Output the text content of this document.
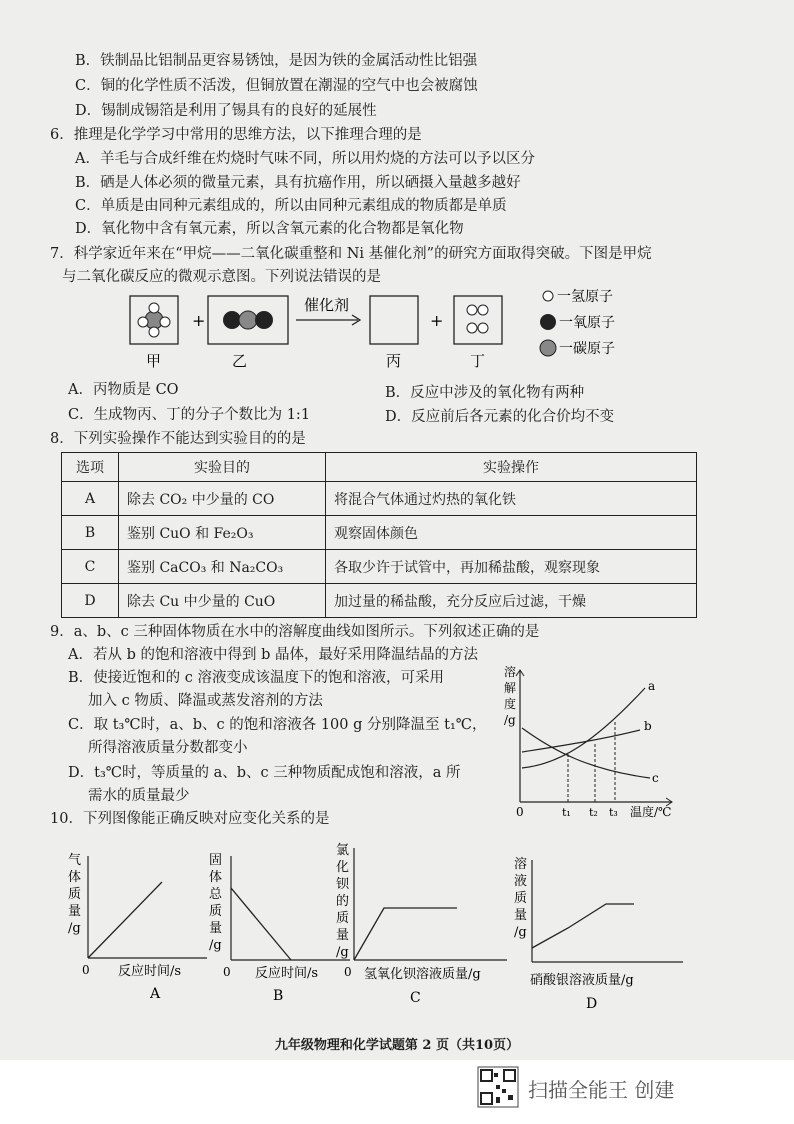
B．铁制品比铝制品更容易锈蚀，是因为铁的金属活动性比铝强
C．铜的化学性质不活泼，但铜放置在潮湿的空气中也会被腐蚀
D．锡制成锡箔是利用了锡具有的良好的延展性
6．推理是化学学习中常用的思维方法，以下推理合理的是
A．羊毛与合成纤维在灼烧时气味不同，所以用灼烧的方法可以予以区分
B．硒是人体必须的微量元素，具有抗癌作用，所以硒摄入量越多越好
C．单质是由同种元素组成的，所以由同种元素组成的物质都是单质
D．氧化物中含有氧元素，所以含氧元素的化合物都是氧化物
7．科学家近年来在“甲烷——二氧化碳重整和 Ni 基催化剂”的研究方面取得突破。下图是甲烷
与二氧化碳反应的微观示意图。下列说法错误的是
+
催化剂
+
一氢原子
一氧原子
一碳原子
甲	乙	丙	丁
A．丙物质是 CO	B．反应中涉及的氧化物有两种
C．生成物丙、丁的分子个数比为 1:1	D．反应前后各元素的化合价均不变
8．下列实验操作不能达到实验目的的是
选项	实验目的	实验操作
A	除去 CO₂ 中少量的 CO	将混合气体通过灼热的氧化铁
B	鉴别 CuO 和 Fe₂O₃	观察固体颜色
C	鉴别 CaCO₃ 和 Na₂CO₃	各取少许于试管中，再加稀盐酸，观察现象
D	除去 Cu 中少量的 CuO	加过量的稀盐酸，充分反应后过滤，干燥
9．a、b、c 三种固体物质在水中的溶解度曲线如图所示。下列叙述正确的是
A．若从 b 的饱和溶液中得到 b 晶体，最好采用降温结晶的方法
B．使接近饱和的 c 溶液变成该温度下的饱和溶液，可采用
加入 c 物质、降温或蒸发溶剂的方法
C．取 t₃℃时，a、b、c 的饱和溶液各 100 g 分别降温至 t₁℃，
所得溶液质量分数都变小
D．t₃℃时，等质量的 a、b、c 三种物质配成饱和溶液，a 所
需水的质量最少
溶
解
度
/g
a
b
c
0	t₁ t₂ t₃ 温度/℃
10．下列图像能正确反映对应变化关系的是
气
体
质
量
/g
0 反应时间/s
A
固
体
总
质
量
/g
0 反应时间/s
B
氯
化
钡
的
质
量
/g
0 氢氧化钡溶液质量/g
C
溶
液
质
量
/g
硝酸银溶液质量/g
D
九年级物理和化学试题第 2 页（共10页）
扫描全能王 创建
